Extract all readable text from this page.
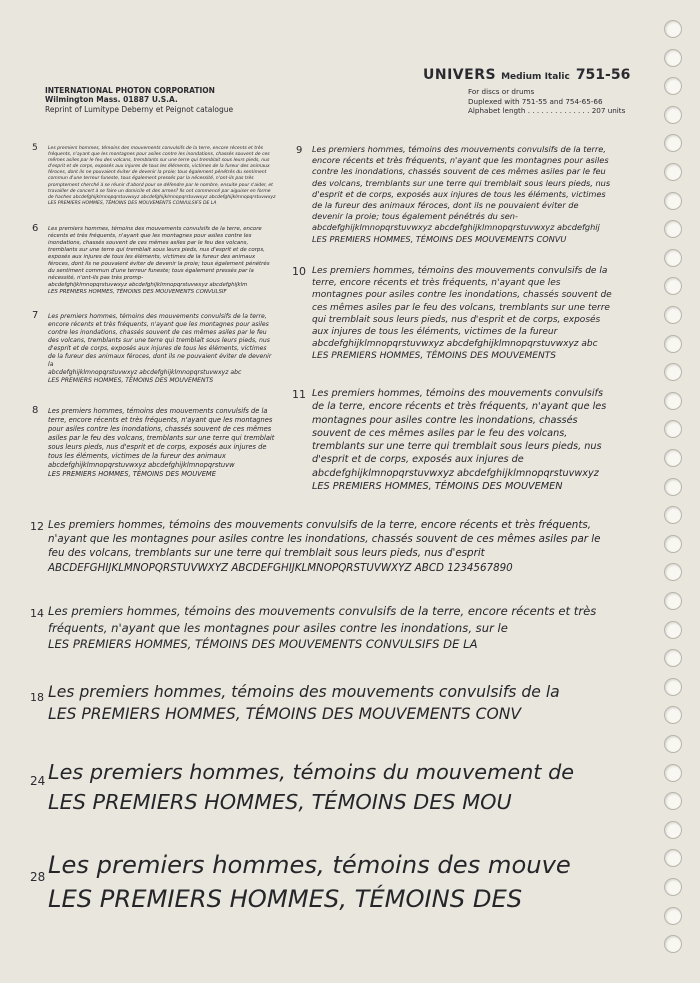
UNIVERS Medium Italic 751-56
INTERNATIONAL PHOTON CORPORATION
Wilmington Mass. 01887 U.S.A.
Reprint of Lumitype Deberny et Peignot catalogue
For discs or drums
Duplexed with 751-55 and 754-65-66
Alphabet length . . . . . . . . . . . . . . 207 units
5 Les premiers hommes, témoins des mouvements convulsifs de la terre, encore récents et très fréquents, n'ayant que les montagnes pour asiles contre les inondations, chassés souvent de ces mêmes asiles par le feu des volcans, tremblants sur une terre qui tremblait sous leurs pieds, nus d'esprit et de corps, exposés aux injures de tous les éléments, victimes de la fureur des animaux féroces, dont ils ne pouvaient éviter de devenir la proie; tous également pénétrés du sentiment commun d'une terreur funeste, tous également pressés par la nécessité, n'ont-ils pas très promptement cherché à se réunir d'abord pour se défendre par le nombre, ensuite pour s'aider, et travailler de concert à se faire un domicile et des armes? Ils ont commencé par aiguiser en forme de haches abcdefghijklmnopqrstuvwxyz abcdefghijklmnopqrstuvwxyz abcdefghijklmnopqrstuvwxyz
LES PREMIERS HOMMES, TÉMOINS DES MOUVEMENTS CONVULSIFS DE LA
6 Les premiers hommes, témoins des mouvements convulsifs de la terre, encore récents et très fréquents, n'ayant que les montagnes pour asiles contre les inondations, chassés souvent de ces mêmes asiles par le feu des volcans, tremblants sur une terre qui tremblait sous leurs pieds, nus d'esprit et de corps, exposés aux injures de tous les éléments, victimes de la fureur des animaux féroces, dont ils ne pouvaient éviter de devenir la proie; tous également pénétrés du sentiment commun d'une terreur funeste; tous également pressés par la nécessité, n'ont-ils pas très promp-
abcdefghijklmnopqrstuvwxyz abcdefghijklmnopqrstuvwxyz abcdefghijklm
LES PREMIERS HOMMES, TÉMOINS DES MOUVEMENTS CONVULSIF
7 Les premiers hommes, témoins des mouvements convulsifs de la terre, encore récents et très fréquents, n'ayant que les montagnes pour asiles contre les inondations, chassés souvent de ces mêmes asiles par le feu des volcans, tremblants sur une terre qui tremblait sous leurs pieds, nus d'esprit et de corps, exposés aux injures de tous les éléments, victimes de la fureur des animaux féroces, dont ils ne pouvaient éviter de devenir la
abcdefghijklmnopqrstuvwxyz abcdefghijklmnopqrstuvwxyz abc
LES PREMIERS HOMMES, TÉMOINS DES MOUVEMENTS
8 Les premiers hommes, témoins des mouvements convulsifs de la terre, encore récents et très fréquents, n'ayant que les montagnes pour asiles contre les inondations, chassés souvent de ces mêmes asiles par le feu des volcans, tremblants sur une terre qui tremblait sous leurs pieds, nus d'esprit et de corps, exposés aux injures de tous les éléments, victimes de la fureur des animaux
abcdefghijklmnopqrstuvwxyz abcdefghijklmnopqrstuvw
LES PREMIERS HOMMES, TÉMOINS DES MOUVEME
9 Les premiers hommes, témoins des mouvements convulsifs de la terre, encore récents et très fréquents, n'ayant que les montagnes pour asiles contre les inondations, chassés souvent de ces mêmes asiles par le feu des volcans, tremblants sur une terre qui tremblait sous leurs pieds, nus d'esprit et de corps, exposés aux injures de tous les éléments, victimes de la fureur des animaux féroces, dont ils ne pouvaient éviter de devenir la proie; tous également pénétrés du sen-
abcdefghijklmnopqrstuvwxyz abcdefghijklmnopqrstuvwxyz abcdefghij
LES PREMIERS HOMMES, TÉMOINS DES MOUVEMENTS CONVU
10 Les premiers hommes, témoins des mouvements convulsifs de la terre, encore récents et très fréquents, n'ayant que les montagnes pour asiles contre les inondations, chassés souvent de ces mêmes asiles par le feu des volcans, tremblants sur une terre qui tremblait sous leurs pieds, nus d'esprit et de corps, exposés aux injures de tous les éléments, victimes de la fureur
abcdefghijklmnopqrstuvwxyz abcdefghijklmnopqrstuvwxyz abc
LES PREMIERS HOMMES, TÉMOINS DES MOUVEMENTS
11 Les premiers hommes, témoins des mouvements convulsifs de la terre, encore récents et très fréquents, n'ayant que les montagnes pour asiles contre les inondations, chassés souvent de ces mêmes asiles par le feu des volcans, tremblants sur une terre qui tremblait sous leurs pieds, nus d'esprit et de corps, exposés aux injures de
abcdefghijklmnopqrstuvwxyz abcdefghijklmnopqrstuvwxyz
LES PREMIERS HOMMES, TÉMOINS DES MOUVEMEN
12 Les premiers hommes, témoins des mouvements convulsifs de la terre, encore récents et très fréquents, n'ayant que les montagnes pour asiles contre les inondations, chassés souvent de ces mêmes asiles par le feu des volcans, tremblants sur une terre qui tremblait sous leurs pieds, nus d'esprit
ABCDEFGHIJKLMNOPQRSTUVWXYZ ABCDEFGHIJKLMNOPQRSTUVWXYZ ABCD 1234567890
14 Les premiers hommes, témoins des mouvements convulsifs de la terre, encore récents et très fréquents, n'ayant que les montagnes pour asiles contre les inondations, sur le
LES PREMIERS HOMMES, TÉMOINS DES MOUVEMENTS CONVULSIFS DE LA
18 Les premiers hommes, témoins des mouvements convulsifs de la
LES PREMIERS HOMMES, TÉMOINS DES MOUVEMENTS CONV
24 Les premiers hommes, témoins du mouvement de
LES PREMIERS HOMMES, TÉMOINS DES MOU
28 Les premiers hommes, témoins des mouve
LES PREMIERS HOMMES, TÉMOINS DES
